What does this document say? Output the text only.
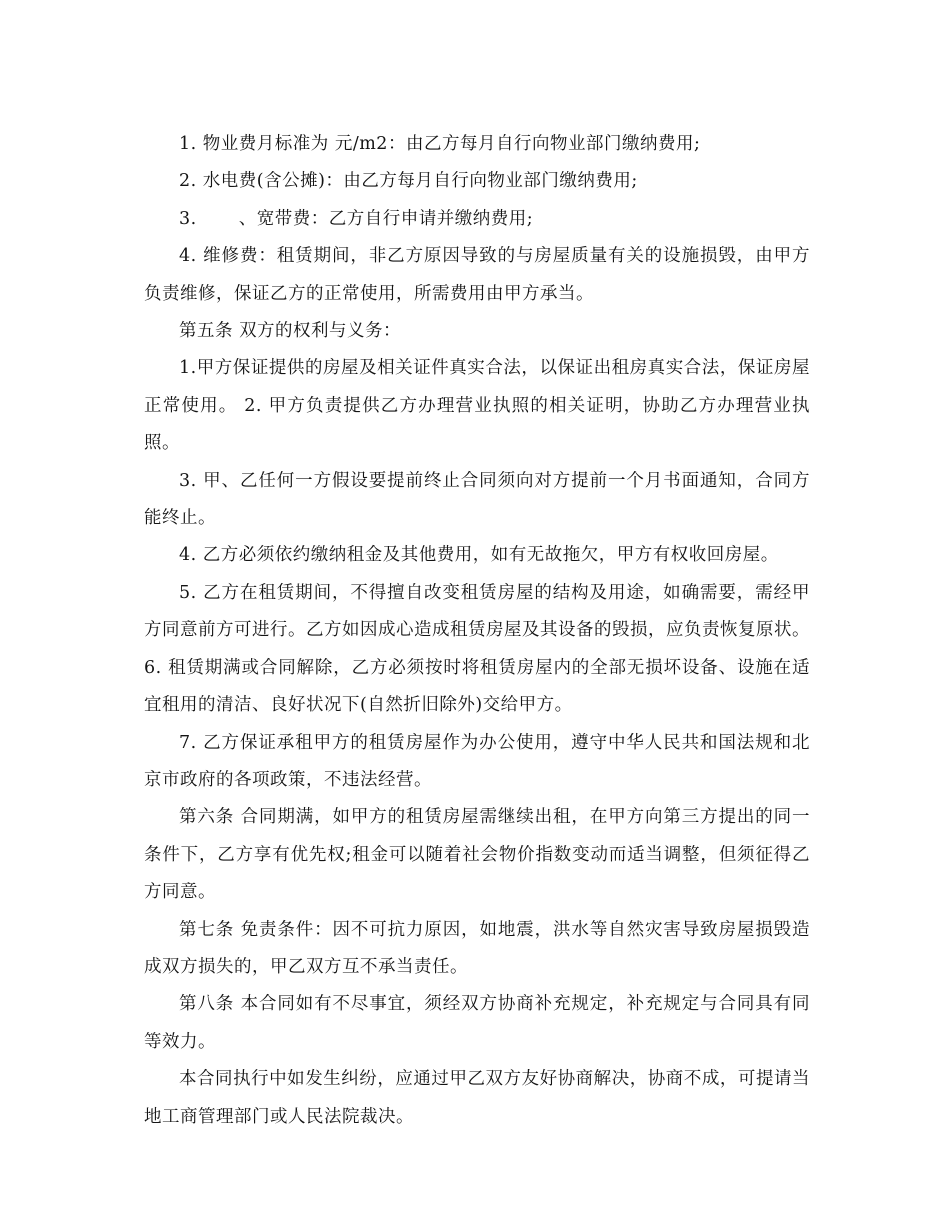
1. 物业费月标准为 元/m2：由乙方每月自行向物业部门缴纳费用;

2. 水电费(含公摊)：由乙方每月自行向物业部门缴纳费用;

3.　　 、宽带费：乙方自行申请并缴纳费用;

4. 维修费：租赁期间，非乙方原因导致的与房屋质量有关的设施损毁，由甲方负责维修，保证乙方的正常使用，所需费用由甲方承当。

第五条 双方的权利与义务：

1.甲方保证提供的房屋及相关证件真实合法，以保证出租房真实合法，保证房屋正常使用。 2. 甲方负责提供乙方办理营业执照的相关证明，协助乙方办理营业执照。

3. 甲、乙任何一方假设要提前终止合同须向对方提前一个月书面通知，合同方能终止。

4. 乙方必须依约缴纳租金及其他费用，如有无故拖欠，甲方有权收回房屋。

5. 乙方在租赁期间，不得擅自改变租赁房屋的结构及用途，如确需要，需经甲方同意前方可进行。乙方如因成心造成租赁房屋及其设备的毁损，应负责恢复原状。 6. 租赁期满或合同解除，乙方必须按时将租赁房屋内的全部无损坏设备、设施在适宜租用的清洁、良好状况下(自然折旧除外)交给甲方。

7. 乙方保证承租甲方的租赁房屋作为办公使用，遵守中华人民共和国法规和北京市政府的各项政策，不违法经营。

第六条 合同期满，如甲方的租赁房屋需继续出租，在甲方向第三方提出的同一条件下，乙方享有优先权;租金可以随着社会物价指数变动而适当调整，但须征得乙方同意。

第七条 免责条件：因不可抗力原因，如地震，洪水等自然灾害导致房屋损毁造成双方损失的，甲乙双方互不承当责任。

第八条 本合同如有不尽事宜，须经双方协商补充规定，补充规定与合同具有同等效力。

本合同执行中如发生纠纷，应通过甲乙双方友好协商解决，协商不成，可提请当地工商管理部门或人民法院裁决。
